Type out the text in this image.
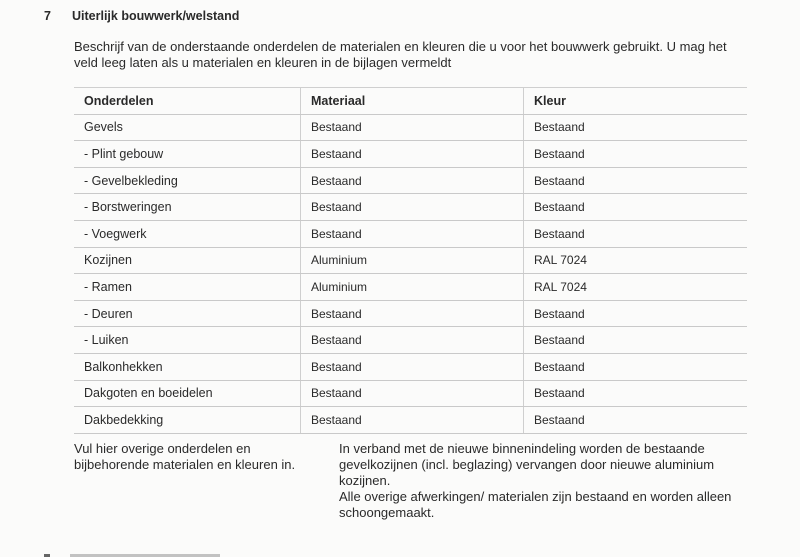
7 Uiterlijk bouwwerk/welstand
Beschrijf van de onderstaande onderdelen de materialen en kleuren die u voor het bouwwerk gebruikt. U mag het veld leeg laten als u materialen en kleuren in de bijlagen vermeldt
Onderdelen	Materiaal	Kleur
Gevels	Bestaand	Bestaand
- Plint gebouw	Bestaand	Bestaand
- Gevelbekleding	Bestaand	Bestaand
- Borstweringen	Bestaand	Bestaand
- Voegwerk	Bestaand	Bestaand
Kozijnen	Aluminium	RAL 7024
- Ramen	Aluminium	RAL 7024
- Deuren	Bestaand	Bestaand
- Luiken	Bestaand	Bestaand
Balkonhekken	Bestaand	Bestaand
Dakgoten en boeidelen	Bestaand	Bestaand
Dakbedekking	Bestaand	Bestaand
Vul hier overige onderdelen en bijbehorende materialen en kleuren in.
In verband met de nieuwe binnenindeling worden de bestaande gevelkozijnen (incl. beglazing) vervangen door nieuwe aluminium kozijnen.
Alle overige afwerkingen/ materialen zijn bestaand en worden alleen schoongemaakt.
